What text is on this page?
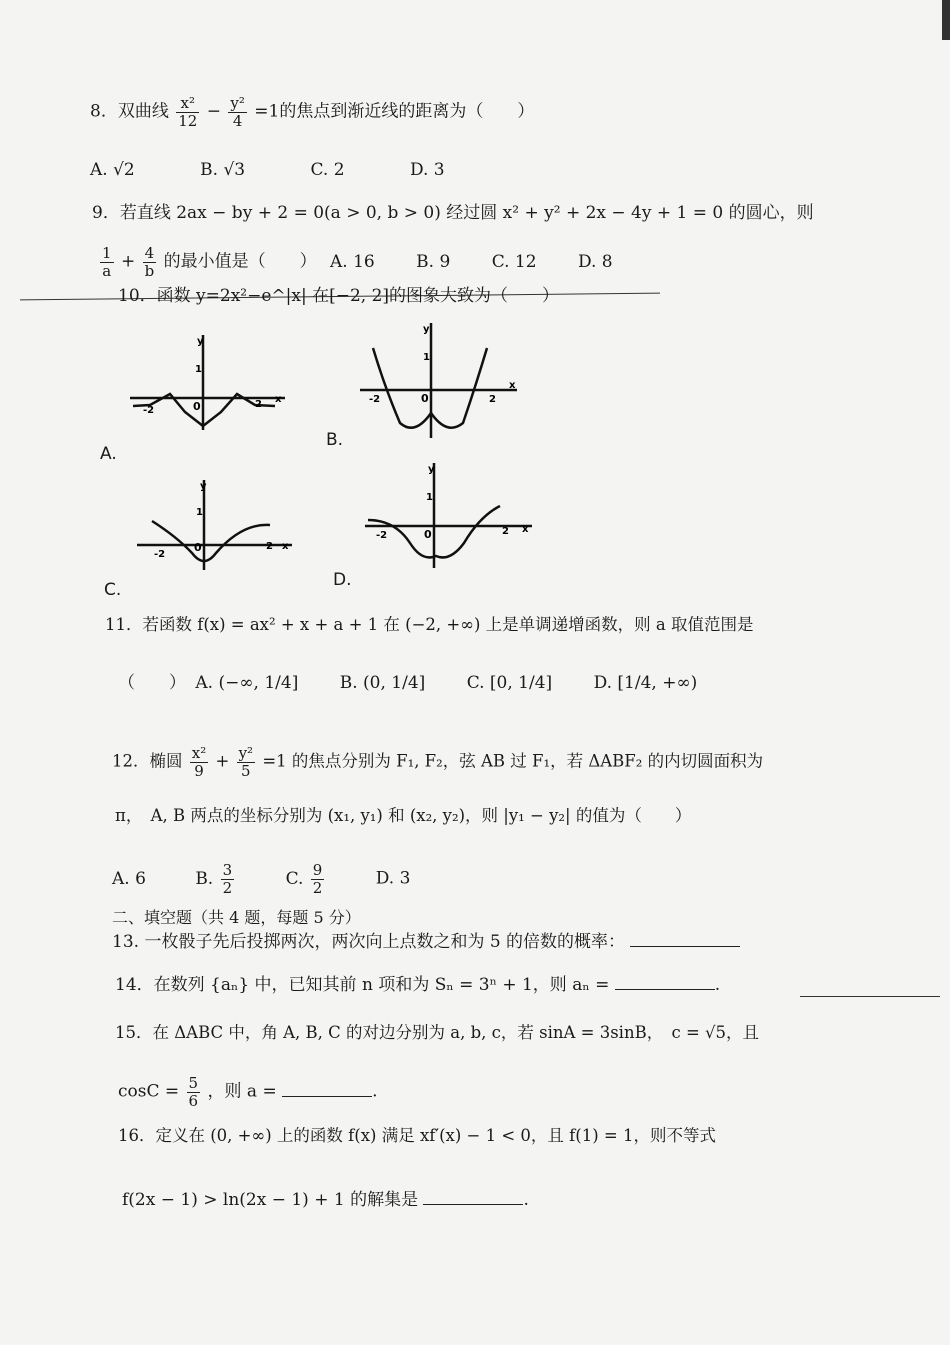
8．双曲线 $\frac{\text{x²}}{12} - \frac{\text{y²}}{4} =1$的焦点到渐近线的距离为（　　）
A. √2	B. √3	C. 2	D. 3
9．若直线 2ax − by + 2 = 0(a > 0, b > 0) 经过圆 x² + y² + 2x − 4y + 1 = 0 的圆心，则
$\frac{1}{a} + \frac{4}{b}$ 的最小值是（　　） A. 16 B. 9 C. 12 D. 8
10．函数 y=2x²−e^|x| 在[−2, 2]的图象大致为（　　）
-2
2
0
1
x
y
A.
-2	2
0
1
x
y
B.
-2
2
0
1
x
y
C.
-2	2
0
1
x
y
D.
11．若函数 f(x) = ax² + x + a + 1 在 (−2, +∞) 上是单调递增函数，则 a 取值范围是
（　　） A. (−∞, 1/4] B. (0, 1/4] C. [0, 1/4] D. [1/4, +∞)
12．椭圆 $\frac{\text{x²}}{9} + \frac{\text{y²}}{5} =1$ 的焦点分别为 F₁, F₂，弦 AB 过 F₁，若 ΔABF₂ 的内切圆面积为
π，　A, B 两点的坐标分别为 (x₁, y₁) 和 (x₂, y₂)，则 |y₁ − y₂| 的值为（　　）
A. 6	B. $\frac{3}{2}$	C. $\frac{9}{2}$	D. 3
二、填空题（共 4 题，每题 5 分）
13. 一枚骰子先后投掷两次，两次向上点数之和为 5 的倍数的概率：
14．在数列 {aₙ} 中，已知其前 n 项和为 Sₙ = 3ⁿ + 1，则 aₙ =	.
15．在 ΔABC 中，角 A, B, C 的对边分别为 a, b, c，若 sinA = 3sinB，　c = √5，且
$\cos C = \frac{5}{6}$ ，则 a =	.
16．定义在 (0, +∞) 上的函数 f(x) 满足 xf′(x) − 1 < 0，且 f(1) = 1，则不等式
f(2x − 1) > ln(2x − 1) + 1 的解集是	.
